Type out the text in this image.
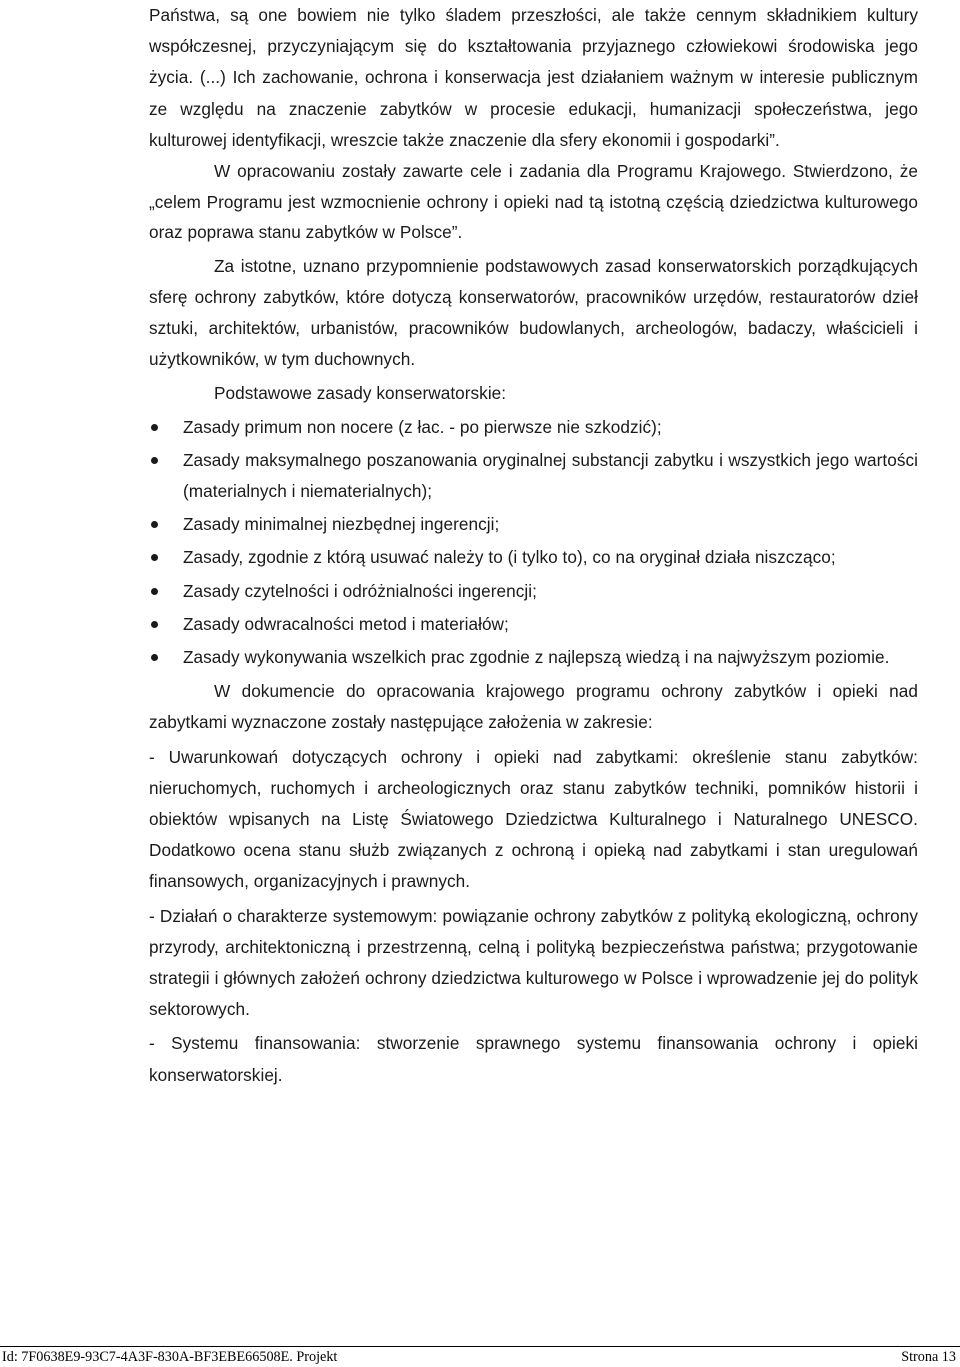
Państwa, są one bowiem nie tylko śladem przeszłości, ale także cennym składnikiem kultury współczesnej, przyczyniającym się do kształtowania przyjaznego człowiekowi środowiska jego życia. (...) Ich zachowanie, ochrona i konserwacja jest działaniem ważnym w interesie publicznym ze względu na znaczenie zabytków w procesie edukacji, humanizacji społeczeństwa, jego kulturowej identyfikacji, wreszcie także znaczenie dla sfery ekonomii i gospodarki”.

W opracowaniu zostały zawarte cele i zadania dla Programu Krajowego. Stwierdzono, że „celem Programu jest wzmocnienie ochrony i opieki nad tą istotną częścią dziedzictwa kulturowego oraz poprawa stanu zabytków w Polsce”.

Za istotne, uznano przypomnienie podstawowych zasad konserwatorskich porządkujących sferę ochrony zabytków, które dotyczą konserwatorów, pracowników urzędów, restauratorów dzieł sztuki, architektów, urbanistów, pracowników budowlanych, archeologów, badaczy, właścicieli i użytkowników, w tym duchownych.

Podstawowe zasady konserwatorskie:

Zasady primum non nocere (z łac. - po pierwsze nie szkodzić);
Zasady maksymalnego poszanowania oryginalnej substancji zabytku i wszystkich jego wartości (materialnych i niematerialnych);
Zasady minimalnej niezbędnej ingerencji;
Zasady, zgodnie z którą usuwać należy to (i tylko to), co na oryginał działa niszcząco;
Zasady czytelności i odróżnialności ingerencji;
Zasady odwracalności metod i materiałów;
Zasady wykonywania wszelkich prac zgodnie z najlepszą wiedzą i na najwyższym poziomie.

W dokumencie do opracowania krajowego programu ochrony zabytków i opieki nad zabytkami wyznaczone zostały następujące założenia w zakresie:

- Uwarunkowań dotyczących ochrony i opieki nad zabytkami: określenie stanu zabytków: nieruchomych, ruchomych i archeologicznych oraz stanu zabytków techniki, pomników historii i obiektów wpisanych na Listę Światowego Dziedzictwa Kulturalnego i Naturalnego UNESCO. Dodatkowo ocena stanu służb związanych z ochroną i opieką nad zabytkami i stan uregulowań finansowych, organizacyjnych i prawnych.

- Działań o charakterze systemowym: powiązanie ochrony zabytków z polityką ekologiczną, ochrony przyrody, architektoniczną i przestrzenną, celną i polityką bezpieczeństwa państwa; przygotowanie strategii i głównych założeń ochrony dziedzictwa kulturowego w Polsce i wprowadzenie jej do polityk sektorowych.

- Systemu finansowania: stworzenie sprawnego systemu finansowania ochrony i opieki konserwatorskiej.

Id: 7F0638E9-93C7-4A3F-830A-BF3EBE66508E. Projekt	Strona 13
